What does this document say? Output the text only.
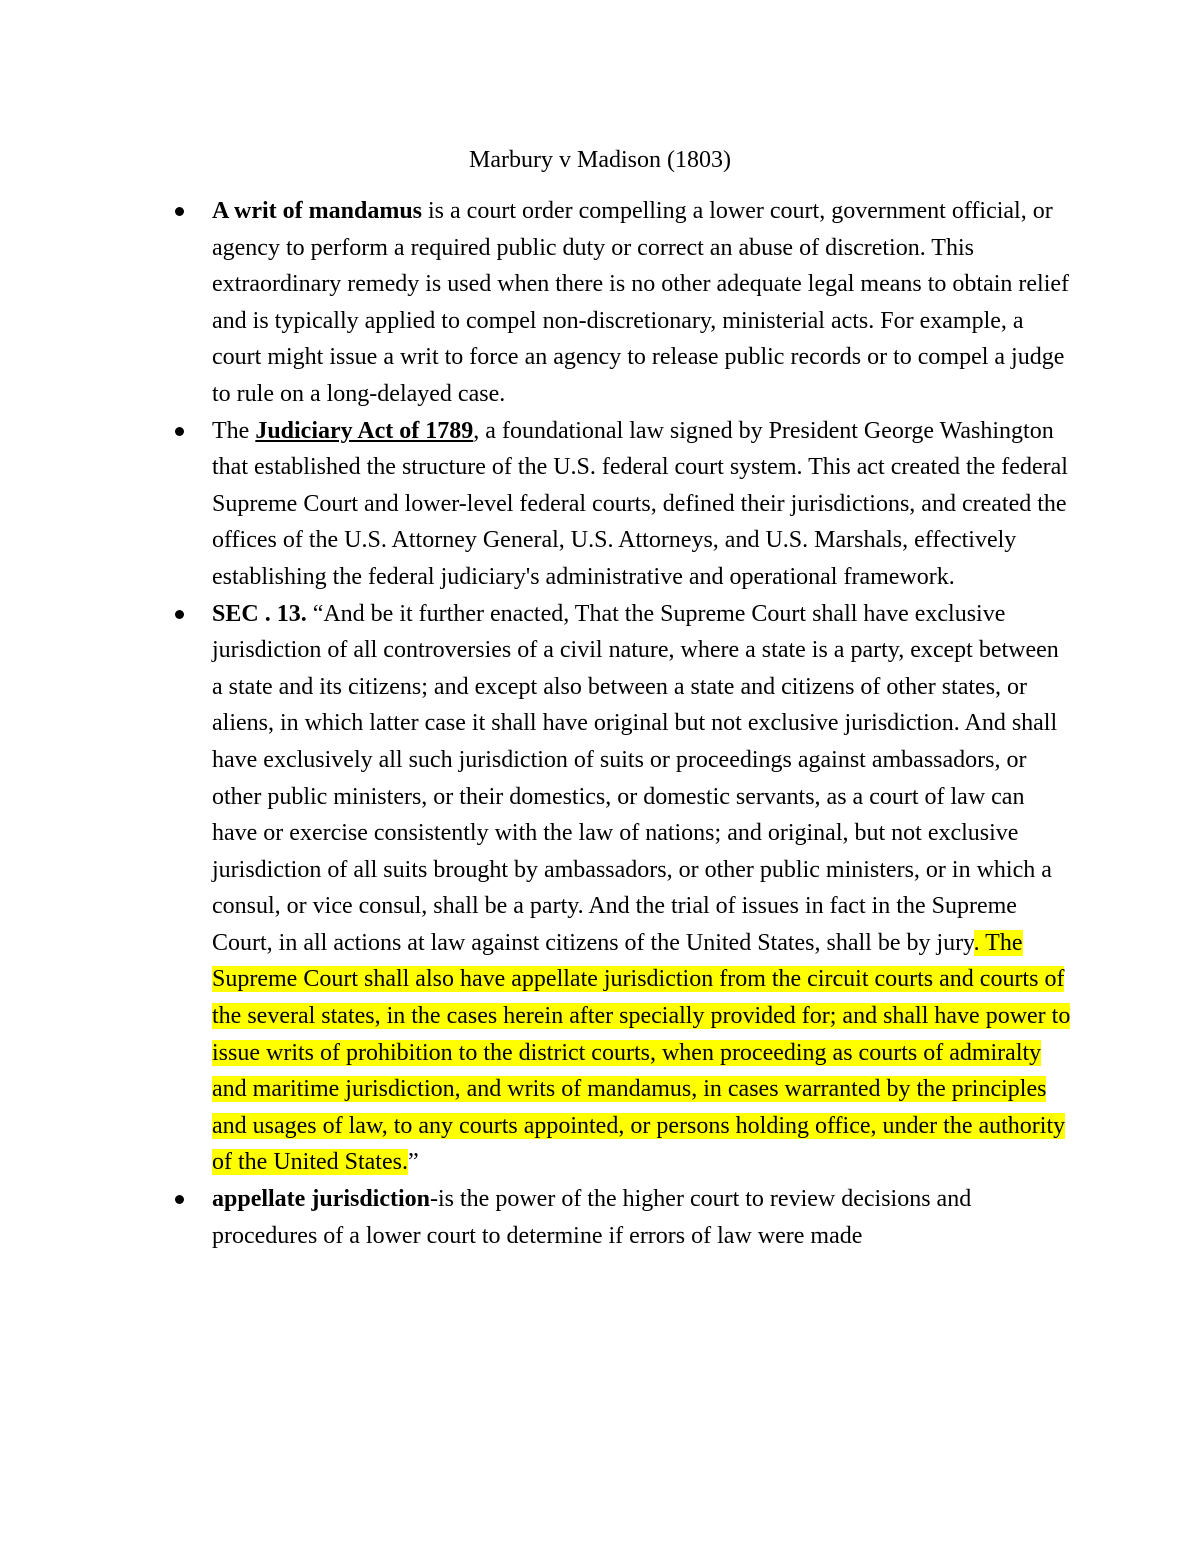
Marbury v Madison (1803)
A writ of mandamus is a court order compelling a lower court, government official, or agency to perform a required public duty or correct an abuse of discretion. This extraordinary remedy is used when there is no other adequate legal means to obtain relief and is typically applied to compel non-discretionary, ministerial acts. For example, a court might issue a writ to force an agency to release public records or to compel a judge to rule on a long-delayed case.
The Judiciary Act of 1789, a foundational law signed by President George Washington that established the structure of the U.S. federal court system. This act created the federal Supreme Court and lower-level federal courts, defined their jurisdictions, and created the offices of the U.S. Attorney General, U.S. Attorneys, and U.S. Marshals, effectively establishing the federal judiciary's administrative and operational framework.
SEC . 13. “And be it further enacted, That the Supreme Court shall have exclusive jurisdiction of all controversies of a civil nature, where a state is a party, except between a state and its citizens; and except also between a state and citizens of other states, or aliens, in which latter case it shall have original but not exclusive jurisdiction. And shall have exclusively all such jurisdiction of suits or proceedings against ambassadors, or other public ministers, or their domestics, or domestic servants, as a court of law can have or exercise consistently with the law of nations; and original, but not exclusive jurisdiction of all suits brought by ambassadors, or other public ministers, or in which a consul, or vice consul, shall be a party. And the trial of issues in fact in the Supreme Court, in all actions at law against citizens of the United States, shall be by jury. The Supreme Court shall also have appellate jurisdiction from the circuit courts and courts of the several states, in the cases herein after specially provided for; and shall have power to issue writs of prohibition to the district courts, when proceeding as courts of admiralty and maritime jurisdiction, and writs of mandamus, in cases warranted by the principles and usages of law, to any courts appointed, or persons holding office, under the authority of the United States.”
appellate jurisdiction-is the power of the higher court to review decisions and procedures of a lower court to determine if errors of law were made
